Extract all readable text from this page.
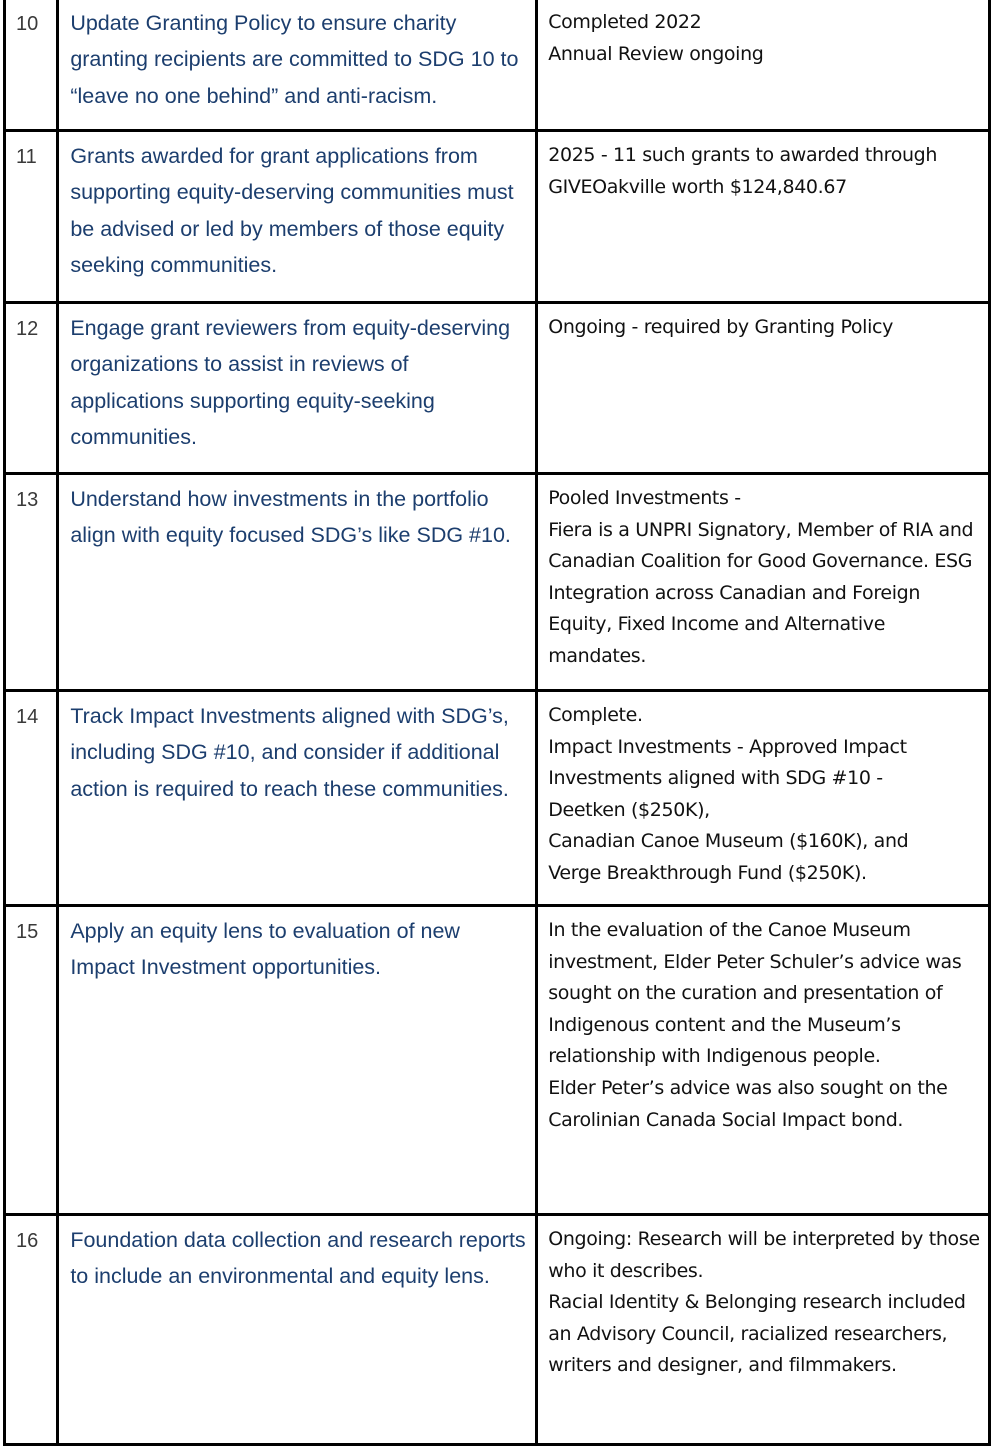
10	Update Granting Policy to ensure charity granting recipients are committed to SDG 10 to “leave no one behind” and anti-racism.	Completed 2022
Annual Review ongoing
11	Grants awarded for grant applications from supporting equity-deserving communities must be advised or led by members of those equity seeking communities.	2025 - 11 such grants to awarded through GIVEOakville worth $124,840.67
12	Engage grant reviewers from equity-deserving organizations to assist in reviews of applications supporting equity-seeking communities.	Ongoing - required by Granting Policy
13	Understand how investments in the portfolio align with equity focused SDG’s like SDG #10.	Pooled Investments -
Fiera is a UNPRI Signatory, Member of RIA and Canadian Coalition for Good Governance. ESG Integration across Canadian and Foreign Equity, Fixed Income and Alternative mandates.
14	Track Impact Investments aligned with SDG’s, including SDG #10, and consider if additional action is required to reach these communities.	Complete.
Impact Investments - Approved Impact Investments aligned with SDG #10 -
Deetken ($250K),
Canadian Canoe Museum ($160K), and
Verge Breakthrough Fund ($250K).
15	Apply an equity lens to evaluation of new Impact Investment opportunities.	In the evaluation of the Canoe Museum investment, Elder Peter Schuler’s advice was sought on the curation and presentation of Indigenous content and the Museum’s relationship with Indigenous people.
Elder Peter’s advice was also sought on the Carolinian Canada Social Impact bond.
16	Foundation data collection and research reports to include an environmental and equity lens.	Ongoing: Research will be interpreted by those who it describes.
Racial Identity & Belonging research included an Advisory Council, racialized researchers, writers and designer, and filmmakers.
